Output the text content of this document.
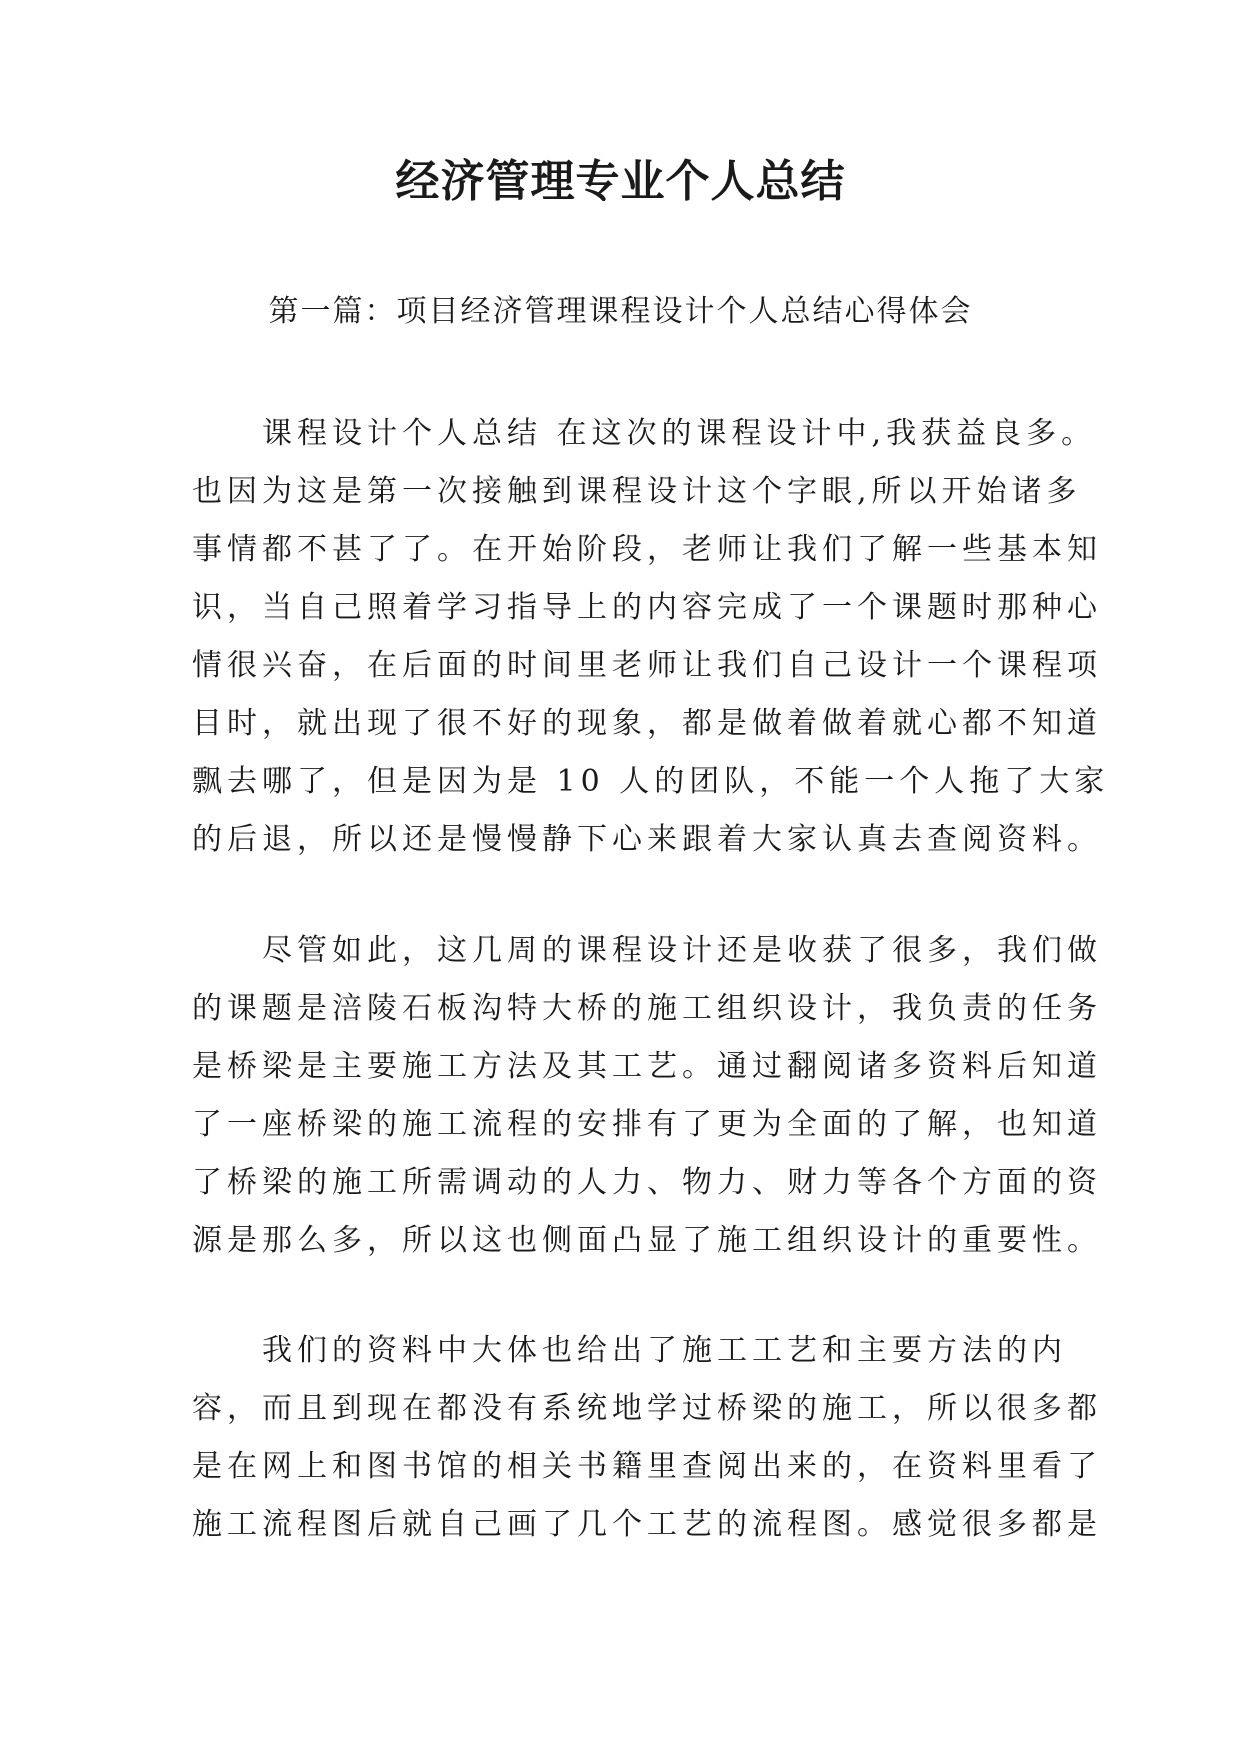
经济管理专业个人总结

第一篇：项目经济管理课程设计个人总结心得体会

　　课程设计个人总结 在这次的课程设计中,我获益良多。
也因为这是第一次接触到课程设计这个字眼,所以开始诸多
事情都不甚了了。在开始阶段，老师让我们了解一些基本知
识，当自己照着学习指导上的内容完成了一个课题时那种心
情很兴奋，在后面的时间里老师让我们自己设计一个课程项
目时，就出现了很不好的现象，都是做着做着就心都不知道
飘去哪了，但是因为是 10 人的团队，不能一个人拖了大家
的后退，所以还是慢慢静下心来跟着大家认真去查阅资料。
　　尽管如此，这几周的课程设计还是收获了很多，我们做
的课题是涪陵石板沟特大桥的施工组织设计，我负责的任务
是桥梁是主要施工方法及其工艺。通过翻阅诸多资料后知道
了一座桥梁的施工流程的安排有了更为全面的了解，也知道
了桥梁的施工所需调动的人力、物力、财力等各个方面的资
源是那么多，所以这也侧面凸显了施工组织设计的重要性。
　　我们的资料中大体也给出了施工工艺和主要方法的内
容，而且到现在都没有系统地学过桥梁的施工，所以很多都
是在网上和图书馆的相关书籍里查阅出来的，在资料里看了
施工流程图后就自己画了几个工艺的流程图。感觉很多都是
